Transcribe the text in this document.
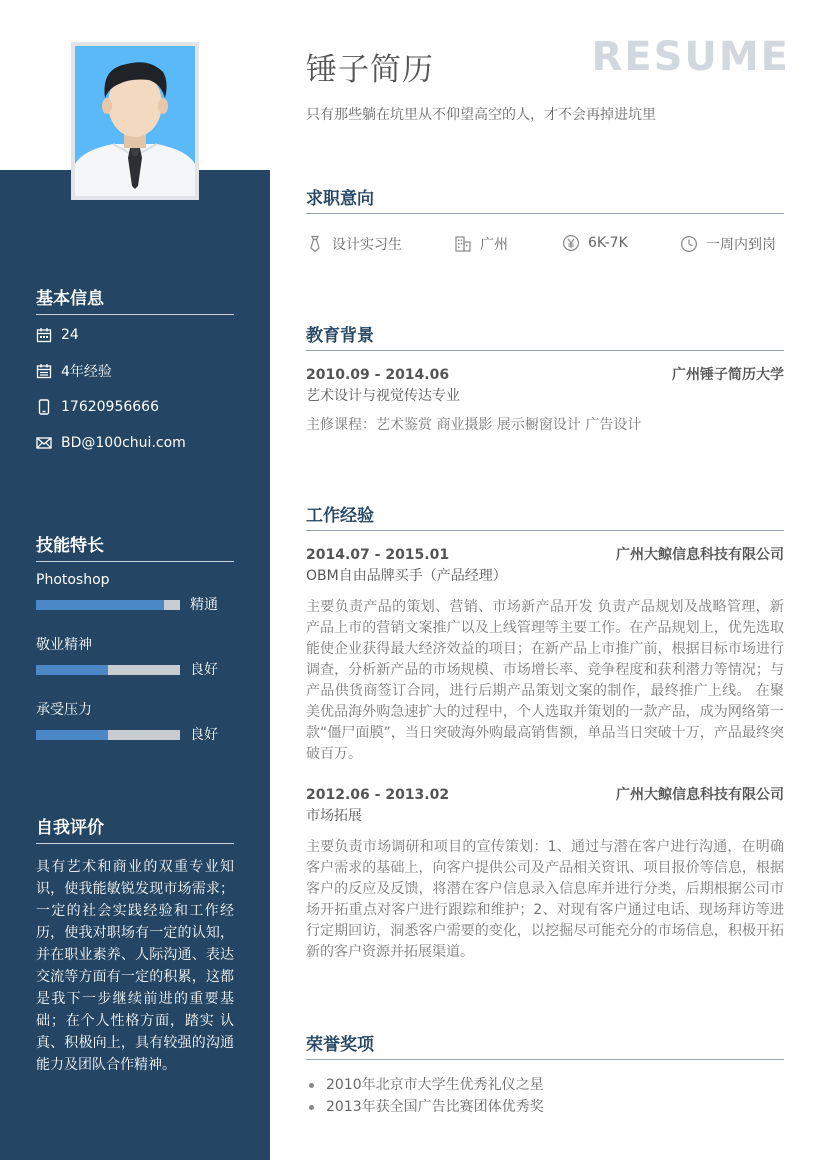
基本信息
24
4年经验
17620956666
BD@100chui.com
技能特长
Photoshop
精通
敬业精神
良好
承受压力
良好
自我评价
具有艺术和商业的双重专业知识，使我能敏锐发现市场需求；一定的社会实践经验和工作经历，使我对职场有一定的认知，并在职业素养、人际沟通、表达交流等方面有一定的积累，这都是我下一步继续前进的重要基础；在个人性格方面，踏实 认真、积极向上，具有较强的沟通能力及团队合作精神。
锤子简历
只有那些躺在坑里从不仰望高空的人，才不会再掉进坑里
RESUME
求职意向
设计实习生	广州	6K-7K	一周内到岗
教育背景
2010.09 - 2014.06	广州锤子简历大学
艺术设计与视觉传达专业
主修课程：艺术鉴赏 商业摄影 展示橱窗设计 广告设计
工作经验
2014.07 - 2015.01	广州大鲸信息科技有限公司
OBM自由品牌买手（产品经理）
主要负责产品的策划、营销、市场新产品开发 负责产品规划及战略管理，新产品上市的营销文案推广以及上线管理等主要工作。在产品规划上，优先选取能使企业获得最大经济效益的项目；在新产品上市推广前，根据目标市场进行调查，分析新产品的市场规模、市场增长率、竞争程度和获利潜力等情况；与产品供货商签订合同，进行后期产品策划文案的制作，最终推广上线。 在聚美优品海外购急速扩大的过程中，个人选取并策划的一款产品，成为网络第一款“僵尸面膜”，当日突破海外购最高销售额，单品当日突破十万，产品最终突破百万。
2012.06 - 2013.02	广州大鲸信息科技有限公司
市场拓展
主要负责市场调研和项目的宣传策划：1、通过与潜在客户进行沟通，在明确客户需求的基础上，向客户提供公司及产品相关资讯、项目报价等信息，根据客户的反应及反馈，将潜在客户信息录入信息库并进行分类，后期根据公司市场开拓重点对客户进行跟踪和维护；2、对现有客户通过电话、现场拜访等进行定期回访，洞悉客户需要的变化，以挖掘尽可能充分的市场信息，积极开拓新的客户资源并拓展渠道。
荣誉奖项
2010年北京市大学生优秀礼仪之星
2013年获全国广告比赛团体优秀奖
